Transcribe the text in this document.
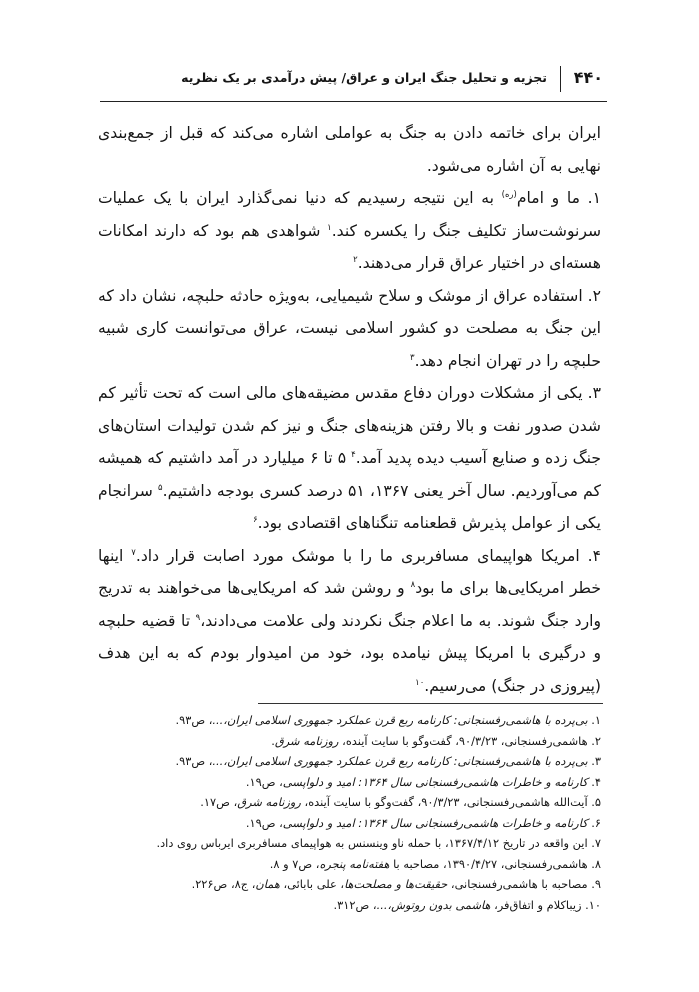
۴۴۰
تجزیه و تحلیل جنگ ایران و عراق/ پیش درآمدی بر یک نظریه

ایران برای خاتمه دادن به جنگ به عواملی اشاره می‌کند که قبل از جمع‌بندی نهایی به آن اشاره می‌شود.

۱. ما و امام$^{(ره)}$ به این نتیجه رسیدیم که دنیا نمی‌گذارد ایران با یک عملیات سرنوشت‌ساز تکلیف جنگ را یکسره کند.$^۱$ شواهدی هم بود که دارند امکانات هسته‌ای در اختیار عراق قرار می‌دهند.$^۲$

۲. استفاده عراق از موشک و سلاح شیمیایی، به‌ویژه حادثه حلبچه، نشان داد که این جنگ به مصلحت دو کشور اسلامی نیست، عراق می‌توانست کاری شبیه حلبچه را در تهران انجام دهد.$^۳$

۳. یکی از مشکلات دوران دفاع مقدس مضیقه‌های مالی است که تحت تأثیر کم شدن صدور نفت و بالا رفتن هزینه‌های جنگ و نیز کم شدن تولیدات استان‌های جنگ زده و صنایع آسیب دیده پدید آمد.$^۴$ ۵ تا ۶ میلیارد در آمد داشتیم که همیشه کم می‌آوردیم. سال آخر یعنی ۱۳۶۷، ۵۱ درصد کسری بودجه داشتیم.$^۵$ سرانجام یکی از عوامل پذیرش قطعنامه تنگناهای اقتصادی بود.$^۶$

۴. امریکا هواپیمای مسافربری ما را با موشک مورد اصابت قرار داد.$^۷$ اینها خطر امریکایی‌ها برای ما بود$^۸$ و روشن شد که امریکایی‌ها می‌خواهند به تدریج وارد جنگ شوند. به ما اعلام جنگ نکردند ولی علامت می‌دادند،$^۹$ تا قضیه حلبچه و درگیری با امریکا پیش نیامده بود، خود من امیدوار بودم که به این هدف (پیروزی در جنگ) می‌رسیم.$^{۱۰}$

۱. بی‌پرده با هاشمی‌رفسنجانی: کارنامه ربع قرن عملکرد جمهوری اسلامی ایران،...، ص۹۳.
۲. هاشمی‌رفسنجانی، ۹۰/۳/۲۳، گفت‌وگو با سایت آینده، روزنامه شرق.
۳. بی‌پرده با هاشمی‌رفسنجانی: کارنامه ربع قرن عملکرد جمهوری اسلامی ایران،...، ص۹۳.
۴. کارنامه و خاطرات هاشمی‌رفسنجانی سال ۱۳۶۴: امید و دلواپسی، ص۱۹.
۵. آیت‌الله هاشمی‌رفسنجانی، ۹۰/۳/۲۳، گفت‌وگو با سایت آینده، روزنامه شرق، ص۱۷.
۶. کارنامه و خاطرات هاشمی‌رفسنجانی سال ۱۳۶۴: امید و دلواپسی، ص۱۹.
۷. این واقعه در تاریخ ۱۳۶۷/۴/۱۲، با حمله ناو وینسنس به هواپیمای مسافربری ایرباس روی داد.
۸. هاشمی‌رفسنجانی، ۱۳۹۰/۴/۲۷، مصاحبه با هفته‌نامه پنجره، ص۷ و ۸.
۹. مصاحبه با هاشمی‌رفسنجانی، حقیقت‌ها و مصلحت‌ها، علی بابائی، همان، ج۸، ص۲۲۶.
۱۰. زیباکلام و اتفاق‌فر، هاشمی بدون روتوش،...، ص۳۱۲.
